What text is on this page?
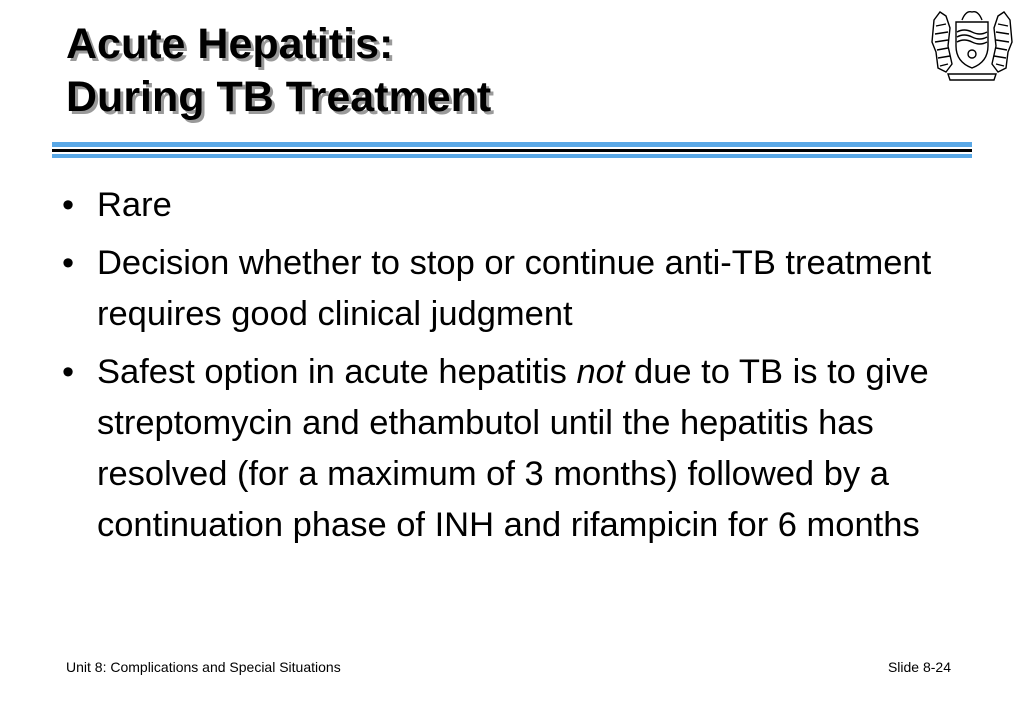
Acute Hepatitis:
During TB Treatment
• Rare
• Decision whether to stop or continue anti-TB treatment requires good clinical judgment
• Safest option in acute hepatitis not due to TB is to give streptomycin and ethambutol until the hepatitis has resolved (for a maximum of 3 months) followed by a continuation phase of INH and rifampicin for 6 months
Unit 8: Complications and Special Situations	Slide 8-24
